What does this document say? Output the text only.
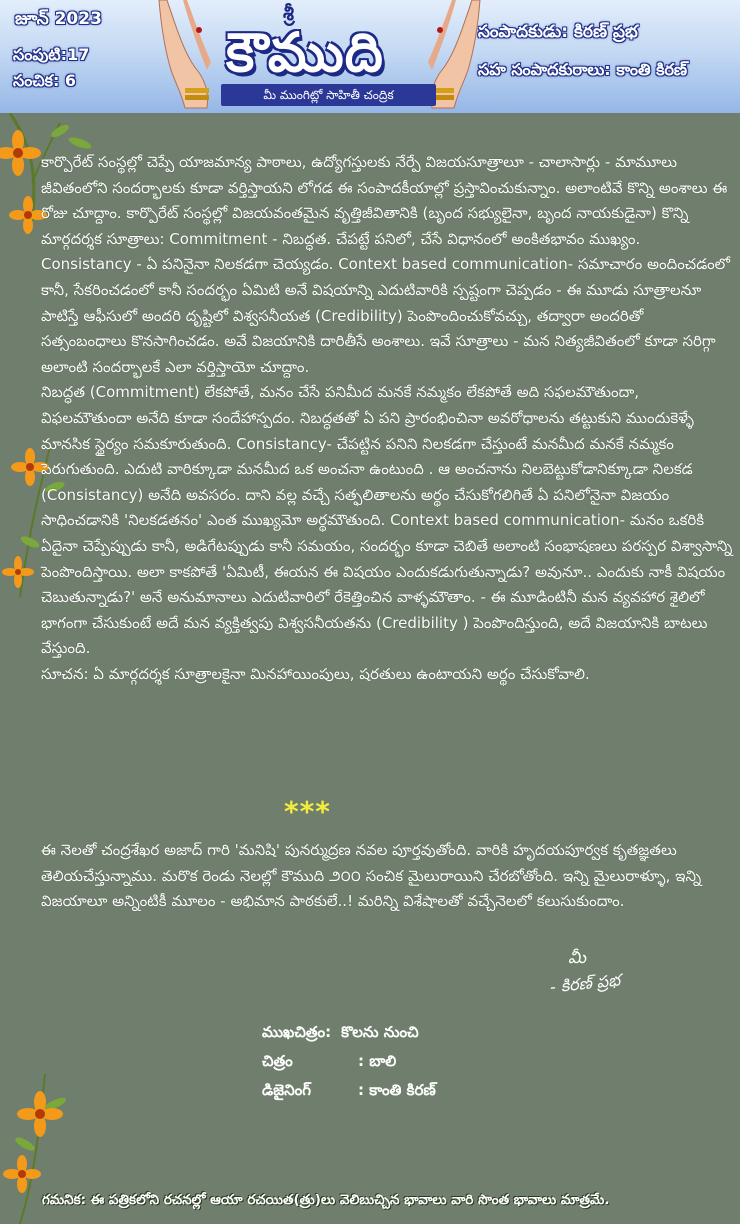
జూన్ 2023
సంపుటి:17
సంచిక: 6
సంపాదకుడు: కిరణ్ ప్రభ
సహ సంపాదకురాలు: కాంతి కిరణ్
శ్రీ
కౌముది
మీ ముంగిట్లో సాహితీ చంద్రిక

కార్పొరేట్ సంస్థల్లో చెప్పే యాజమాన్య పాఠాలు, ఉద్యోగస్తులకు నేర్పే విజయసూత్రాలూ - చాలాసార్లు - మామూలు జీవితంలోని సందర్భాలకు కూడా వర్తిస్తాయని లోగడ ఈ సంపాదకీయాల్లో ప్రస్తావించుకున్నాం. అలాంటివే కొన్ని అంశాలు ఈ రోజు చూద్దాం. కార్పొరేట్ సంస్థల్లో విజయవంతమైన వృత్తిజీవితానికి (బృంద సభ్యులైనా, బృంద నాయకుడైనా) కొన్ని మార్గదర్శక సూత్రాలు: Commitment - నిబద్ధత. చేపట్టే పనిలో, చేసే విధానంలో అంకితభావం ముఖ్యం. Consistancy - ఏ పనినైనా నిలకడగా చెయ్యడం. Context based communication- సమాచారం అందించడంలో కానీ, సేకరించడంలో కానీ సందర్భం ఏమిటి అనే విషయాన్ని ఎదుటివారికి స్పష్టంగా చెప్పడం - ఈ మూడు సూత్రాలనూ పాటిస్తే ఆఫీసులో అందరి దృష్టిలో విశ్వసనీయత (Credibility) పెంపొందించుకోవచ్చు, తద్వారా అందరితో సత్సంబంధాలు కొనసాగించడం. అవే విజయానికి దారితీసే అంశాలు. ఇవే సూత్రాలు - మన నిత్యజీవితంలో కూడా సరిగ్గా అలాంటి సందర్భాలకే ఎలా వర్తిస్తాయో చూద్దాం.

నిబద్ధత (Commitment) లేకపోతే, మనం చేసే పనిమీద మనకే నమ్మకం లేకపోతే అది సఫలమౌతుందా, విఫలమౌతుందా అనేది కూడా సందేహాస్పదం. నిబద్ధతతో ఏ పని ప్రారంభించినా అవరోధాలను తట్టుకుని ముందుకెళ్ళే మానసిక స్థైర్యం సమకూరుతుంది. Consistancy- చేపట్టిన పనిని నిలకడగా చేస్తుంటే మనమీద మనకే నమ్మకం పెరుగుతుంది. ఎదుటి వారిక్కూడా మనమీద ఒక అంచనా ఉంటుంది . ఆ అంచనాను నిలబెట్టుకోడానిక్కూడా నిలకడ (Consistancy) అనేది అవసరం. దాని వల్ల వచ్చే సత్ఫలితాలను అర్థం చేసుకోగలిగితే ఏ పనిలోనైనా విజయం సాధించడానికి 'నిలకడతనం' ఎంత ముఖ్యమో అర్థమౌతుంది. Context based communication- మనం ఒకరికి ఏదైనా చెప్పేప్పుడు కానీ, అడిగేటప్పుడు కానీ సమయం, సందర్భం కూడా చెబితే అలాంటి సంభాషణలు పరస్పర విశ్వాసాన్ని పెంపొందిస్తాయి. అలా కాకపోతే 'ఏమిటీ, ఈయన ఈ విషయం ఎందుకడుగుతున్నాడు? అవునూ.. ఎందుకు నాకీ విషయం చెబుతున్నాడు?' అనే అనుమానాలు ఎదుటివారిలో రేకెత్తించిన వాళ్ళమౌతాం. - ఈ మూడింటినీ మన వ్యవహార శైలిలో భాగంగా చేసుకుంటే అదే మన వ్యక్తిత్వపు విశ్వసనీయతను (Credibility ) పెంపొందిస్తుంది, అదే విజయానికి బాటలు వేస్తుంది.

సూచన: ఏ మార్గదర్శక సూత్రాలకైనా మినహాయింపులు, షరతులు ఉంటాయని అర్థం చేసుకోవాలి.

***
ఈ నెలతో చంద్రశేఖర అజాద్ గారి 'మనిషి' పునర్ముద్రణ నవల పూర్తవుతోంది. వారికి హృదయపూర్వక కృతజ్ఞతలు తెలియచేస్తున్నాము. మరొక రెండు నెలల్లో కౌముది ౨౦౦ సంచిక మైలురాయిని చేరబోతోంది. ఇన్ని మైలురాళ్ళూ, ఇన్ని విజయాలూ అన్నింటికీ మూలం - అభిమాన పాఠకులే..! మరిన్ని విశేషాలతో వచ్చేనెలలో కలుసుకుందాం.
మీ
- కిరణ్ ప్రభ
ముఖచిత్రం: కొలను నుంచి
చిత్రం	: బాలి
డిజైనింగ్	: కాంతి కిరణ్
గమనిక: ఈ పత్రికలోని రచనల్లో ఆయా రచయిత(త్రు)లు వెలిబుచ్చిన భావాలు వారి సొంత భావాలు మాత్రమే.
